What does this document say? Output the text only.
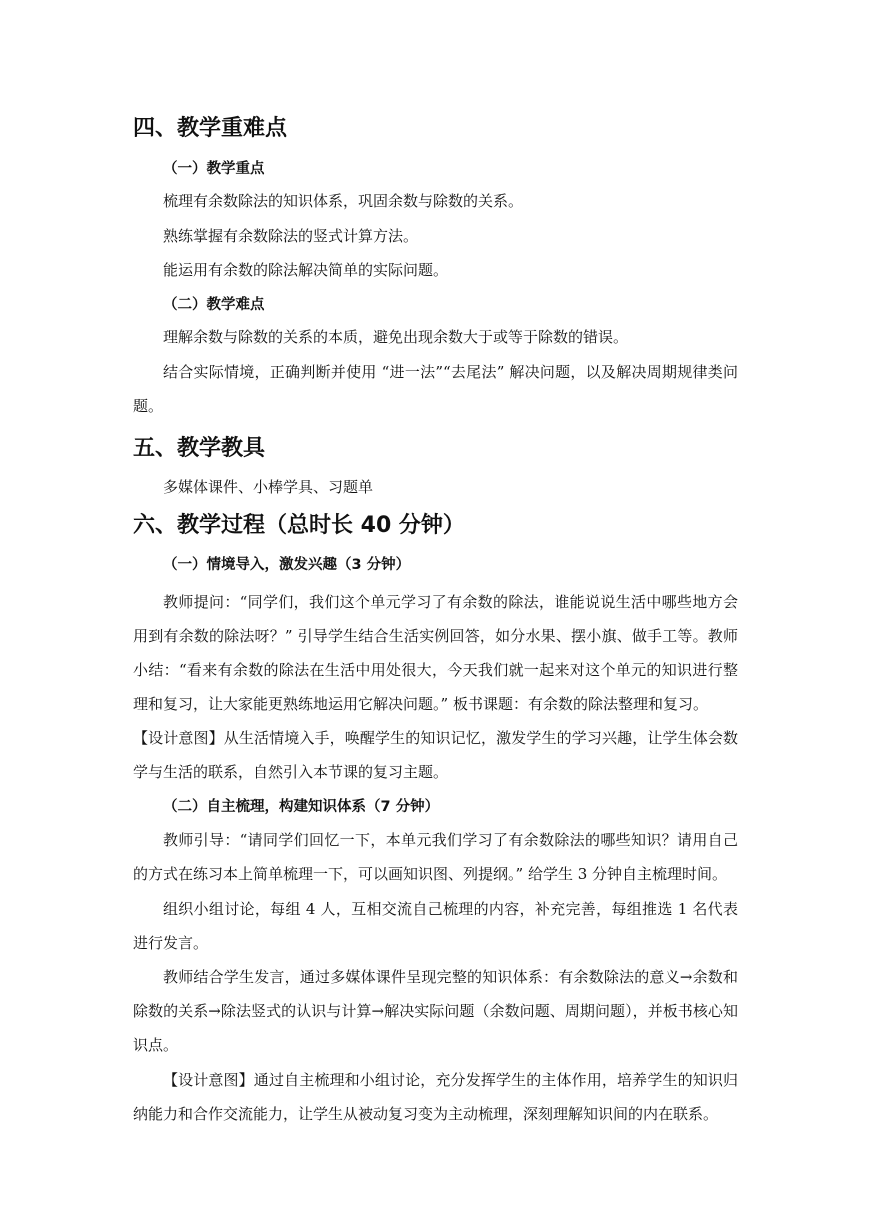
四、教学重难点
（一）教学重点
梳理有余数除法的知识体系，巩固余数与除数的关系。
熟练掌握有余数除法的竖式计算方法。
能运用有余数的除法解决简单的实际问题。
（二）教学难点
理解余数与除数的关系的本质，避免出现余数大于或等于除数的错误。
结合实际情境，正确判断并使用 “进一法”“去尾法” 解决问题，以及解决周期规律类问题。
五、教学教具
多媒体课件、小棒学具、习题单
六、教学过程（总时长 40 分钟）
（一）情境导入，激发兴趣（3 分钟）
教师提问：“同学们，我们这个单元学习了有余数的除法，谁能说说生活中哪些地方会用到有余数的除法呀？” 引导学生结合生活实例回答，如分水果、摆小旗、做手工等。教师小结：“看来有余数的除法在生活中用处很大，今天我们就一起来对这个单元的知识进行整理和复习，让大家能更熟练地运用它解决问题。” 板书课题：有余数的除法整理和复习。
【设计意图】从生活情境入手，唤醒学生的知识记忆，激发学生的学习兴趣，让学生体会数学与生活的联系，自然引入本节课的复习主题。
（二）自主梳理，构建知识体系（7 分钟）
教师引导：“请同学们回忆一下，本单元我们学习了有余数除法的哪些知识？请用自己的方式在练习本上简单梳理一下，可以画知识图、列提纲。” 给学生 3 分钟自主梳理时间。
组织小组讨论，每组 4 人，互相交流自己梳理的内容，补充完善，每组推选 1 名代表进行发言。
教师结合学生发言，通过多媒体课件呈现完整的知识体系：有余数除法的意义→余数和除数的关系→除法竖式的认识与计算→解决实际问题（余数问题、周期问题），并板书核心知识点。
【设计意图】通过自主梳理和小组讨论，充分发挥学生的主体作用，培养学生的知识归纳能力和合作交流能力，让学生从被动复习变为主动梳理，深刻理解知识间的内在联系。
